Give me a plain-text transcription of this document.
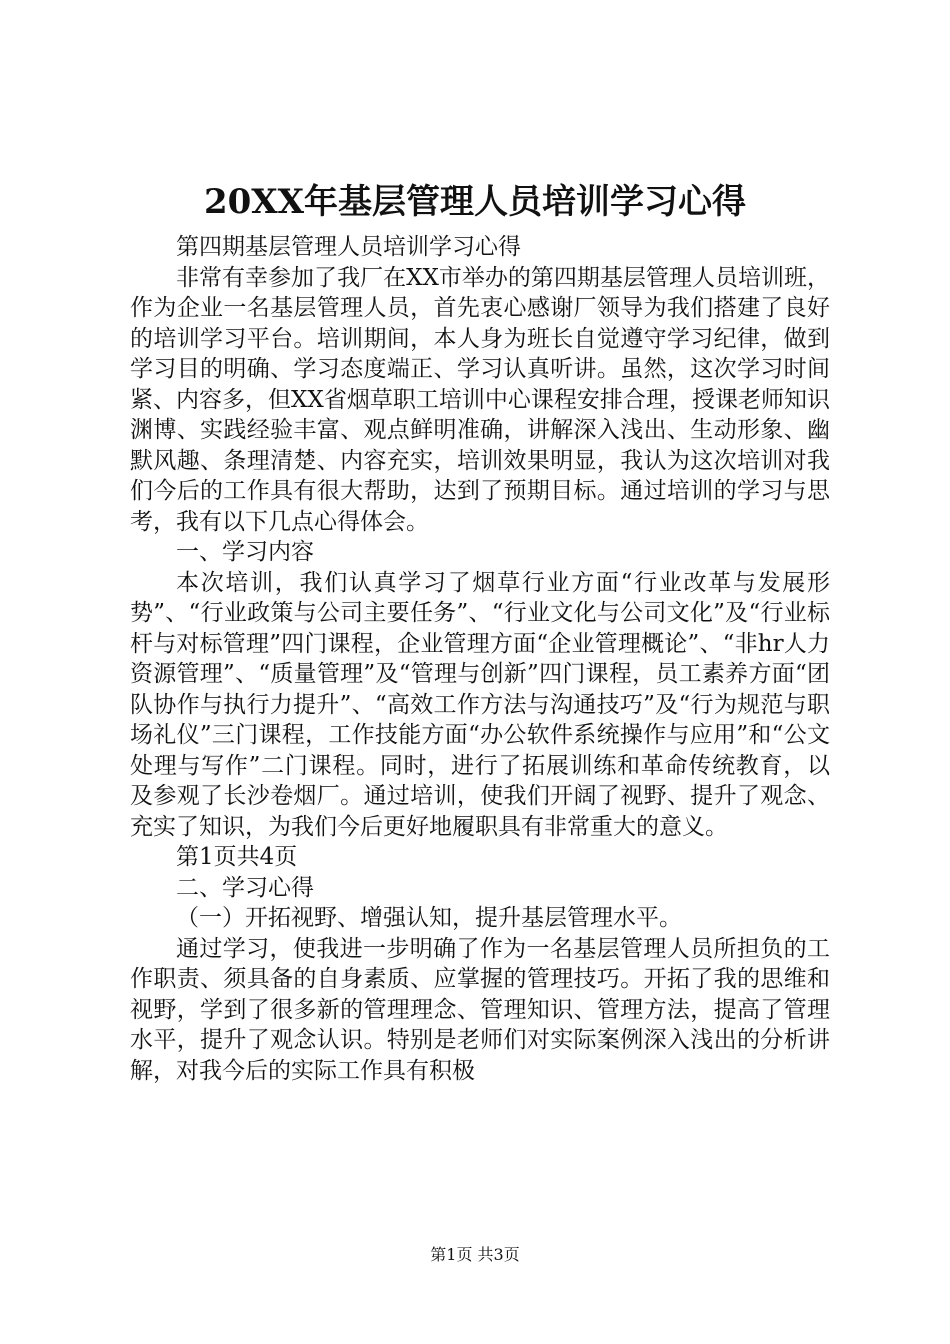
20XX年基层管理人员培训学习心得

第四期基层管理人员培训学习心得

非常有幸参加了我厂在XX市举办的第四期基层管理人员培训班，作为企业一名基层管理人员，首先衷心感谢厂领导为我们搭建了良好的培训学习平台。培训期间，本人身为班长自觉遵守学习纪律，做到学习目的明确、学习态度端正、学习认真听讲。虽然，这次学习时间紧、内容多，但XX省烟草职工培训中心课程安排合理，授课老师知识渊博、实践经验丰富、观点鲜明准确，讲解深入浅出、生动形象、幽默风趣、条理清楚、内容充实，培训效果明显，我认为这次培训对我们今后的工作具有很大帮助，达到了预期目标。通过培训的学习与思考，我有以下几点心得体会。

一、学习内容

本次培训，我们认真学习了烟草行业方面“行业改革与发展形势”、“行业政策与公司主要任务”、“行业文化与公司文化”及“行业标杆与对标管理”四门课程，企业管理方面“企业管理概论”、“非hr人力资源管理”、“质量管理”及“管理与创新”四门课程，员工素养方面“团队协作与执行力提升”、“高效工作方法与沟通技巧”及“行为规范与职场礼仪”三门课程，工作技能方面“办公软件系统操作与应用”和“公文处理与写作”二门课程。同时，进行了拓展训练和革命传统教育，以及参观了长沙卷烟厂。通过培训，使我们开阔了视野、提升了观念、充实了知识，为我们今后更好地履职具有非常重大的意义。

第1页共4页

二、学习心得

（一）开拓视野、增强认知，提升基层管理水平。

通过学习，使我进一步明确了作为一名基层管理人员所担负的工作职责、须具备的自身素质、应掌握的管理技巧。开拓了我的思维和视野，学到了很多新的管理理念、管理知识、管理方法，提高了管理水平，提升了观念认识。特别是老师们对实际案例深入浅出的分析讲解，对我今后的实际工作具有积极

第1页 共3页
